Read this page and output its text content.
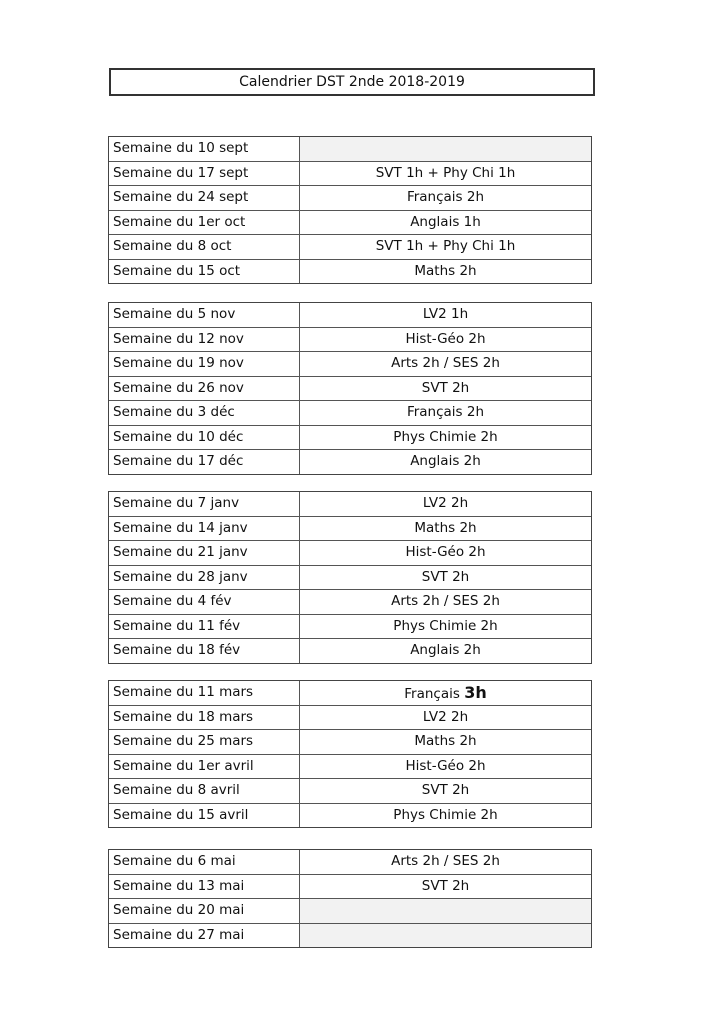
Calendrier DST 2nde 2018-2019
Semaine du 10 sept
Semaine du 17 sept	SVT 1h + Phy Chi 1h
Semaine du 24 sept	Français 2h
Semaine du 1er oct	Anglais 1h
Semaine du 8 oct	SVT 1h + Phy Chi 1h
Semaine du 15 oct	Maths 2h
Semaine du 5 nov	LV2 1h
Semaine du 12 nov	Hist-Géo 2h
Semaine du 19 nov	Arts 2h / SES 2h
Semaine du 26 nov	SVT 2h
Semaine du 3 déc	Français 2h
Semaine du 10 déc	Phys Chimie 2h
Semaine du 17 déc	Anglais 2h
Semaine du 7 janv	LV2 2h
Semaine du 14 janv	Maths 2h
Semaine du 21 janv	Hist-Géo 2h
Semaine du 28 janv	SVT 2h
Semaine du 4 fév	Arts 2h / SES 2h
Semaine du 11 fév	Phys Chimie 2h
Semaine du 18 fév	Anglais 2h
Semaine du 11 mars	Français 3h
Semaine du 18 mars	LV2 2h
Semaine du 25 mars	Maths 2h
Semaine du 1er avril	Hist-Géo 2h
Semaine du 8 avril	SVT 2h
Semaine du 15 avril	Phys Chimie 2h
Semaine du 6 mai	Arts 2h / SES 2h
Semaine du 13 mai	SVT 2h
Semaine du 20 mai
Semaine du 27 mai
